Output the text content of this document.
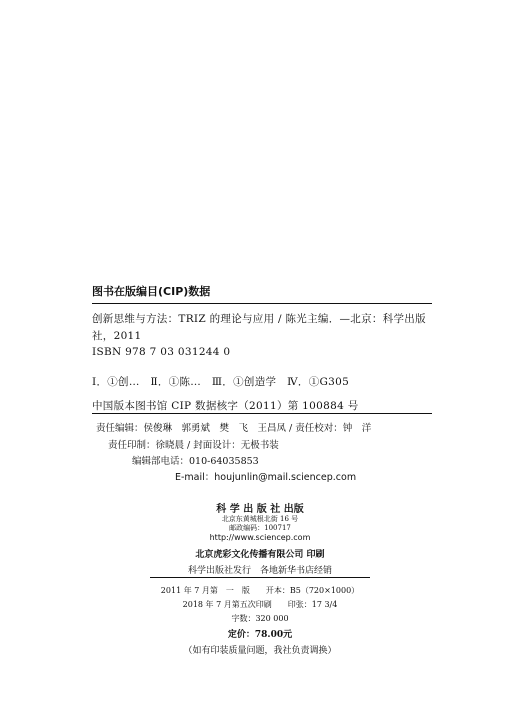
图书在版编目(CIP)数据
创新思维与方法：TRIZ 的理论与应用 / 陈光主编．—北京：科学出版
社，2011
ISBN 978 7 03 031244 0
Ⅰ．①创…　Ⅱ．①陈…　Ⅲ．①创造学　Ⅳ．①G305
中国版本图书馆 CIP 数据核字（2011）第 100884 号
责任编辑：侯俊琳　郭勇斌　樊　飞　王昌凤 / 责任校对：钟　洋
责任印制：徐晓晨 / 封面设计：无极书装
编辑部电话：010-64035853
E-mail：houjunlin@mail.sciencep.com
科 学 出 版 社 出版
北京东黄城根北街 16 号
邮政编码：100717
http://www.sciencep.com
北京虎彩文化传播有限公司 印刷
科学出版社发行　各地新华书店经销
2011 年 7 月第　一　版　　开本：B5（720×1000）
2018 年 7 月第五次印刷　　印张：17 3/4
字数：320 000
定价：78.00元
（如有印装质量问题，我社负责调换）
